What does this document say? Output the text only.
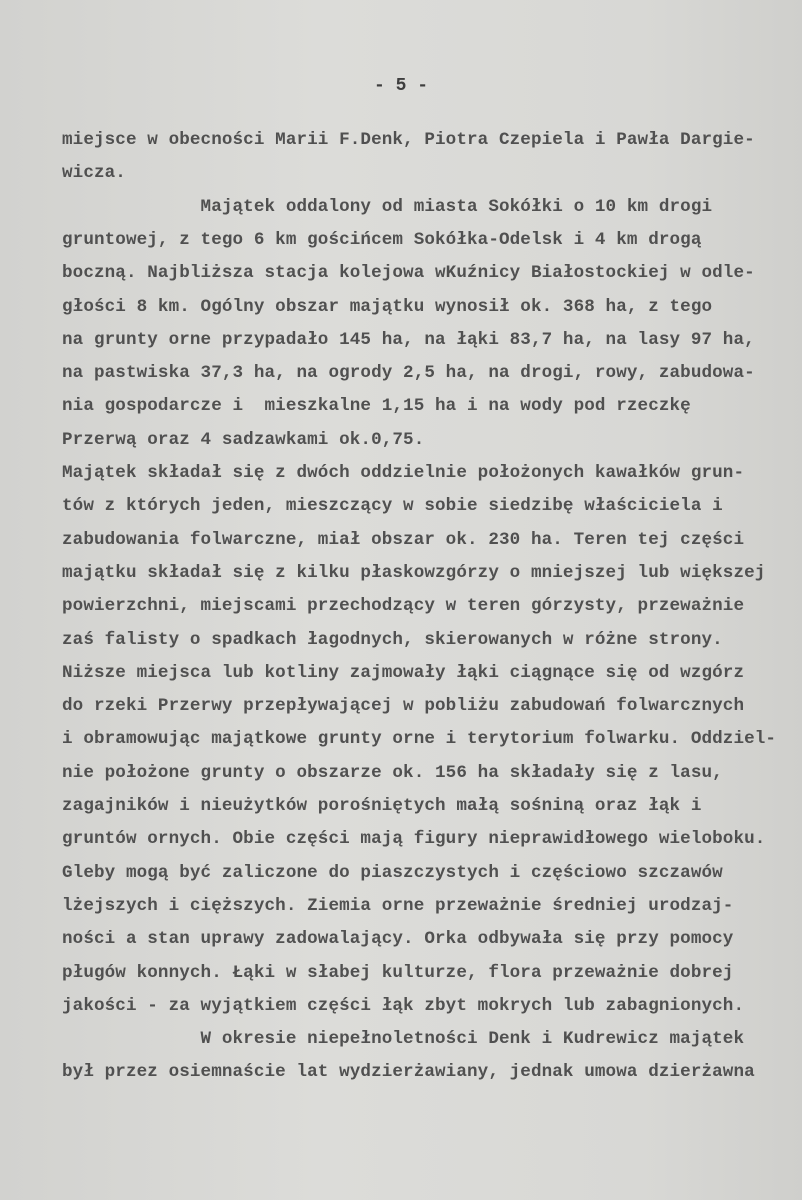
- 5 -
miejsce w obecności Marii F.Denk, Piotra Czepiela i Pawła Dargie-
wicza.
Majątek oddalony od miasta Sokółki o 10 km drogi
gruntowej, z tego 6 km gościńcem Sokółka-Odelsk i 4 km drogą
boczną. Najbliższa stacja kolejowa wKuźnicy Białostockiej w odle-
głości 8 km. Ogólny obszar majątku wynosił ok. 368 ha, z tego
na grunty orne przypadało 145 ha, na łąki 83,7 ha, na lasy 97 ha,
na pastwiska 37,3 ha, na ogrody 2,5 ha, na drogi, rowy, zabudowa-
nia gospodarcze i  mieszkalne 1,15 ha i na wody pod rzeczkę
Przerwą oraz 4 sadzawkami ok.0,75.
Majątek składał się z dwóch oddzielnie położonych kawałków grun-
tów z których jeden, mieszczący w sobie siedzibę właściciela i
zabudowania folwarczne, miał obszar ok. 230 ha. Teren tej części
majątku składał się z kilku płaskowzgórzy o mniejszej lub większej
powierzchni, miejscami przechodzący w teren górzysty, przeważnie
zaś falisty o spadkach łagodnych, skierowanych w różne strony.
Niższe miejsca lub kotliny zajmowały łąki ciągnące się od wzgórz
do rzeki Przerwy przepływającej w pobliżu zabudowań folwarcznych
i obramowując majątkowe grunty orne i terytorium folwarku. Oddziel-
nie położone grunty o obszarze ok. 156 ha składały się z lasu,
zagajników i nieużytków porośniętych małą sośniną oraz łąk i
gruntów ornych. Obie części mają figury nieprawidłowego wieloboku.
Gleby mogą być zaliczone do piaszczystych i częściowo szczawów
lżejszych i cięższych. Ziemia orne przeważnie średniej urodzaj-
ności a stan uprawy zadowalający. Orka odbywała się przy pomocy
pługów konnych. Łąki w słabej kulturze, flora przeważnie dobrej
jakości - za wyjątkiem części łąk zbyt mokrych lub zabagnionych.
W okresie niepełnoletności Denk i Kudrewicz majątek
był przez osiemnaście lat wydzierżawiany, jednak umowa dzierżawna
